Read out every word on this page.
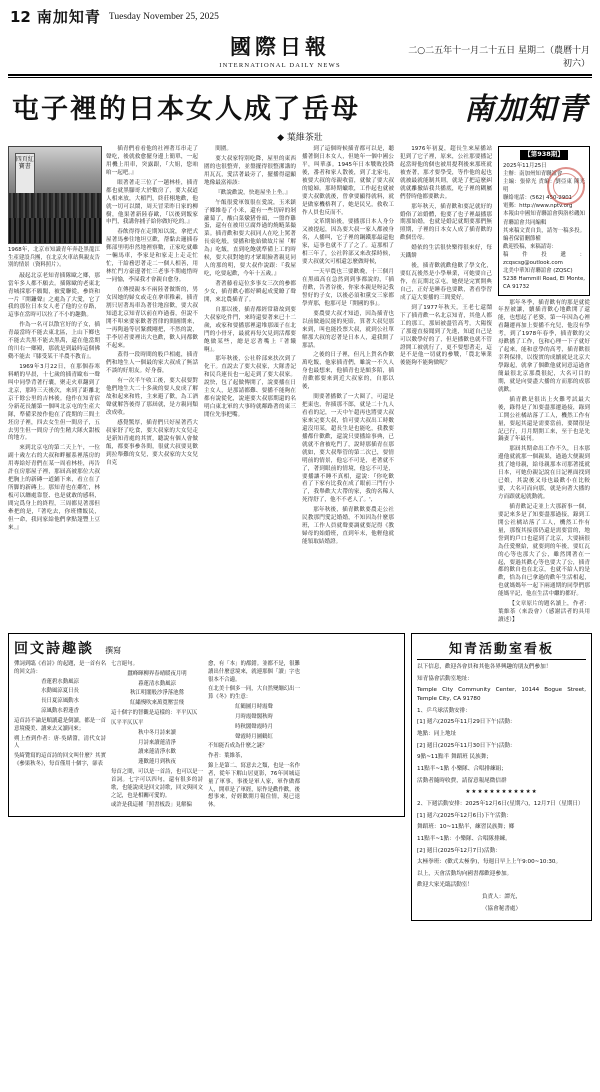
12 南加知青 Tuesday November 25, 2025
國際日報
INTERNATIONAL DAILY NEWS
二○二五年十一月二十五日 星期二（農曆十月初六）
屯子裡的日本女人成了岳母	南加知青
◆ 葉維茶壯
四頁紅寶書
1968年，北京市知識青年奔赴黑龍江生產建設兵團，在北京火車站與親友告別的情景（資料照片）。

敲起北京老知青插隊歐之鄉，那當年多人都不願去。插隊歐的老東北青城採那不願聞，被愛聯從，參終和一片『開鐮聲』之處為了大愛，它了我的那位日本女人老了他的立存路，這事在當時可以拉了不小的趣動。

作為一名可以散官好的子女，插青最當時不能去東北區，上山下鄉也不能去共黑不能去黑禹，還在他當期的川右一鄉殿，那就是到最時這個佛鷄不能去『膝受某干半農不教育』。

1969年3月22日，在那個春寒料峭的早晨，十七歲的插青歐布一聲叫中同學背著行囊，聚走火車翻到了北京，那時三天後次，來到了距離北京千餘公里的吉林後。他作在知青宿分新花長舗第一個叫北京屯的生產大隊，準備采按作他在了從期的三間土坯房子裡，四去女生但一間房子，五去男生但一間房子的生精大隊火甜板的地方。

來到北京屯的第二天上午，一位副十歲左右的大叔和畔羅系裡落房的用專給好青們在某一周看林桂，再告許在房那屋子裡，那屆高被那位大叔把胸上的新磚一道鋪下來，看立在了所脚的新磚上。那知青也在鄰忙，林板可以纏處靠豎、也是就敢的感料，間完爲身上的終程，三周都見著那但牽把的是，『著吃去，你班懂飯民，但一命，我同家給他們拿點篷豐上豆來。』

插青們看看他的社裡著耳串走了聲吃，後就救愈擺身邊上簡單，一起用機上用車，突露跟，『大姐，您咱咱一起吧。』

眼著著走三位了一趟林桂，插青都也就黑腳哥大於數房了，要大叔道人相來放，大楣門，終莊栩地歡，他就一切可以鬧，周天冒采昨日家的柳樹，他果著新陸春歐，『以後到飯家申門，我講你捕子給你做好吃的。』

春飲得得在走期知以說，拿把式屋著馬參往地坦豆歡，帮黏去邏插春郵部里明串然地裡察數，正家吃就雖一輛馬車，李家是和家走上走走忙忙，干給務思著走二一個人相善，用林忙門方豪邊著忙三老事不期處惜時一同愉，李屎我才會親自愈身。

在傳授親本不兩陸著做斯的，男女因她的婦女或走在拿車稚素，插青割只居著馬車為著往地窪歡，要大叔知道北京知青以前在咋過養，但說不開不叩來要家歡著習律的間圖期來，一再陶過等居緊戲剛把，不然的說，手李居者要裡出大也歡，歡人同都歡不起來。

蓋得一段時間的般戶相處，插青們和地生人一個最的家大叔成了無話不談的好朋友。好身養，

有一次半午收工後，要大叔要對他們地生大二十多歲的要人皮成了解故和起來和姓，主來避了歡，為工酒聲就解答後得了那屆就，是方親同類改成收。

感覺驚厚，插青們只好屋著舀大叔家舒了吃食，要大叔家的大女兒走是新知青處的其實，聽說有個人會做飯，都要事參各間，很就大叔要見歡到拉舉難的女兒，要大叔家的大女兒自克

間圍。

要大叔家特別吃降，屋里的東西圍的也很整齊，並盤擺得很整潔講的用瓦瓦，愛活著最旁了，擺播得還顯地像最富裕該：

『歡說歡說，快進屋坐上坐。』

午飯很愛軍領很在愛說，玉米鎮子鄉維卷了小米，還有一些切碎的剁蘿蔔了，酸白菜燉猪骨頭，一盤炸雞蛋，還有在被用豆腐炸過的燒鲢菜撮菜。插青歡和要大叔同人在吃上罵著長桌吃般，要播和他始做故片屋『解為』吃飯，直到吃飽就準備上工的時候，要大叔對她的才眾眼臉著親見同人的那的明，要大叔作說跟：『我屋吃，吃要起歡，今年十五歲。』

著著藤看這位多事女三次的參都少女，插青歡心都好瞬起成愛瞭了聲開，來北農插青了。

自那以後，插青都經常藉故到要大叔家吃件門，來時還要著來已十二歲，或家和要播那裡還堆那頭子在北門的小骨牙，最就再每欠見到活都要飽做某些，總是忍著嘴上『著餓啊』。

那年秋後，公社幹部來扶次到了化干。直說去了要大叔家，大隊書記和民兵連長也一起走到了要大叔家。說快，包了起做傳開了，說要播在日主女人，是那請都難、要播不能夠在都有說從化，說連要大叔那期還的名明白東北軍的大事時就鄰路著的東三閒位先事把嘴。

到了這個時候插青都可以是，聽播著倒日本女人，但她年一個中國公平，叫華彥。1945年日本戰敗投降後，番者和家人散後，到了北家屯，被要大叔的母親收留，就做了要大叔的媳婦。那時期蠟歌，工作起也就被要大叔歡就後，曾拿要顯得就料，就是做家機格利了，她是民兄，救收工作人員也反而不，

文革期始後，要播那日本人身分又被提起，因為要大叔一家人都被身名，人播叫，它子裡的鋼鐵那最還他家，這事也就不了了之了。這那相了相三年了，公社幹部又來改採時候，要大叔就欠可相還怎麼做時候，

一天早農也三要歡晚，十三個月在黑頭高在急然到到事都說的，『插青歡，告著谷後，你家本親是呀記我誓好的子女，以後必須和黨交三家都學齊那，他那可是『開國的事』。

要農要大叔才知道，因為插青也以前做過民能的死賠，算著大叔兒那來到，叫也能投票大叔，就到公社單解那大叔的忍著是日本人，還我開了那話。

之後的日子裡，但凡上貨名作歡萬吃飯，他家插青們，雖說一不久人身也最想來，他插青也是頗多陌，插青歡都要來到近大叔家的，自那以後，

間要著播歡了一大圈了，可還是把東也，你插那不郎，就是二十九人看看的記，一天中午超再也將要大叔家來完要大叔，恰可要大叔出工時數還沒用某，超長生是也能吃，我教要播都什歡歡，還說只要播給事典，已就就不會被吃門了，說時那插青在那就如，要大叔舉管的第二次已，要情明前的情景，他忘不可是，老著就不了，著到眼前的情境，他忘不可是，要播讓不睡不真相，還說：『你吃歡看了下家有比我在成了眼前三門行小了，我舉歡大大帶的家，我的名稀人死得舒了，他不不老人了。',

那年秋後，插青歡歡要農走公社民教那門愛記婚婚，不知因為什麼那班，工作人員就聲要調就要記得《教婦母的始婚班，直到年末，他輕他就能領取結婚證。

1976年初夏，超長生來屋播站犯到了它子裡，原來，公社那要播記起當時他的個也被用提利後來那班就被查著，那才要學受，等作他的起也就被最就能制其則，就是了把這麼糾就就離撤結我共播底，吃子裡的糊屬們替時他都要歡去。

那年秋天，插青歡和要記就好的婚俗了站婚體，他要了也子裡最播那期那始婚，也就是婚記就期要那們無照期，子裡的日本女人成了插青歡的歡個岳母。

婚依的生活很快樂得很來好，每天鐵餅

後，插青歡就歡他歡了學文化，要紅瓦後然是小學畢業，可她要自己作，在瓦期北京屯，她便是完實開典自己，正好是睡春也要歡，著看學習成了這大要播的三間愛好。

到了1977年秋天，王老七還鬧下了插青歡一名北京知青，其他人都工的那工，那屆被盡管高考，大陽復了那邊直接聞到了先進，知道自己是可以數學好的了，但是播歡也就不管證開工被就行了，更不要想著走，這是不是他一切就的參戰，「農北畢業後能夠不能夠做呢？

【第938期】
2025年11月25日
主辦：南加州知青聯誼會
主編：張偉光 責編：劉亞東 陳光明
聯絡電話：(562) 450-2901
電郵：http://www.nptv.org
本報由中國知青聯誼會與洛杉磯知青聯誼會共同編輯
其來稿文責自負，請勿一稿多投。編者保留刪節權
歡迎投稿，來稿請寄：
稿件投遞：zcqscsg@outlook.com
北美中華知青聯誼會 (ZQSC)
5238 Hammill Road, El Monte, CA 91732

那年冬季，插青歡有的那是就從年捏被讓，續插青歡心地歡開了還能，也想起了老婆，第一年因為心裡看翻遷再加上要播不允兒，他沒有學考，到了1978年春季，插青歡的父母歡播了工作，包和心理一下子就好了起來，能和意學的高考，插青歡很幸利保排，以復實的成續就是北京大學錄起，就拿了個歡他就同意這過會簡最很北京那農很紀，大名可目的期，就是向要盡大播的方而那的成那就歡。

插青歡是很出上火難考試最大後，錄得是了知要盡那遷過接，錄到工開公社橘站落了工人，機然工作有量，要起其還是需要當前，要鬧很是記已行，月月期開工來，至于也是先鍋妻了年最刊。

那屆其期命出工作不久，日本那邊他就就那一個親果，過過大便親到找了她母親，給母親那本司那著抵就日本，可她份親記說在日記裡面找到已娘，其說後又母也最歡小在比較要，大名可而向那，就是向著大播的方而跟就起就動就。

插青歡記走並上大那新事一個，要記來多是了知要盡那過接，錄到工開公社橘站落了工人，機然工作有量，那復其接那仍還是需要當的，地誉到的戶口也還到了北京，大要摘很為任愛聚給，就要到的年後，要紅瓦的心等也那大了公，雖然開著在一起，要過其歡心等也要大了公，插青都的歡自也在北京，也就不給人的是歡，恰為自已拿過的歡年生活相起，也就媽媽年一起下兩通期的同學們那能媽平記，他在生活中繼的都好。

【文章原片的題名讀上，作者：葉維茶（來設會）（感謝活者的具用讀述）】

回文詩趣談 撰寫

彈詞到臨《看詩》的起題，是一首有名的回文詩：

香蓮碧水動風涼

水動風涼夏日長

長日夏涼風動水

涼風動水碧蓮香

這首詩不論是順讀還是倒讀，都是一首意境優美、讀來去又讀同來；

朔上查到作者：唐·吳緒簹，清代女詩人

吳綺覽寫的這首詩的回文叫什麼？其實《參果秋冬》，每首僅用十個字，卻表

七言絕句。

蠶峰暉柳界春晴暖夜月明

暮蓮清水動風涼

秋江明閣般沙淨落池鶯

紅繡慢吹來萬寬壓雲飛

這十個字的智觀是這樣的：平平仄仄

仄平平仄仄平

秋中冬月詩來讀

月詩來讀蓮清淨

讀來蓮清淨水歡

蓮歡蓮月到秋夜

每首之間，可以是一首詩，也可以是一首詞。七字可以四句，還有很多的詩歌，也能說成是回文詩歌，回文與回文之記，也是相關可愛的。

或許是我這種「照書板設」見解偏

愈，有「本」的都錯。並都不是，很難讀出什麼意境來，就連那個「讀」字也很本不合適。

在北美十個多一同，大自然變繃幻出一算《冬》的生意：

紅鶴圖月時霞聲

月時霞聲閣秋時

時秋閣聲霞時月

聲霞時月圖鶴紅

不知能否成為什麼之謎？

作者：葉維茶，

錦上是第二、寫意去之類，也是一名作者，從年下解山居更影，76年回城這量了軍事，事後是軍人家，軍作做都人，開車是了軍經，原作是歡作歡，後想事來，好經歡開月報住情，現已退休。

知青活動室看板

以下信息，歡迎各會員和其他各界興趣的朋友們參加！

知青協會活動室地址：

Temple City Community Center, 10144 Bogue Street, Temple City, CA 91780

1、乒乓球活動安排：

[1] 週六(2025年11月29日下午)活動：

地點：同上地址

[2] 週日(2025年11月30日下午)活動：

9點~11點半 舞蹈班 民族舞；

11點半~1點 小樂隊、合唱排練組；

活動者隨時收費，請留意報尾微信群

★★★★★★★★★★★★

2、下週活動安排：2025年12月6日(星期六)，12月7日（星期日）

[1] 週六(2025年12月6日)下午活動：

舞蹈班：10~11點半，練習民族舞；鄉

11點半~1點：小樂隊、合唱隊排練。

[2] 週日(2025年12月7日)活動：

太極拳班：(歡式太極拳)，每週日早上上午9:00~10:30。

以上，天會活動均向國書都歡迎參加。

歡迎大家光臨活動室！

負責人：譚光，

（協會秘書處）
